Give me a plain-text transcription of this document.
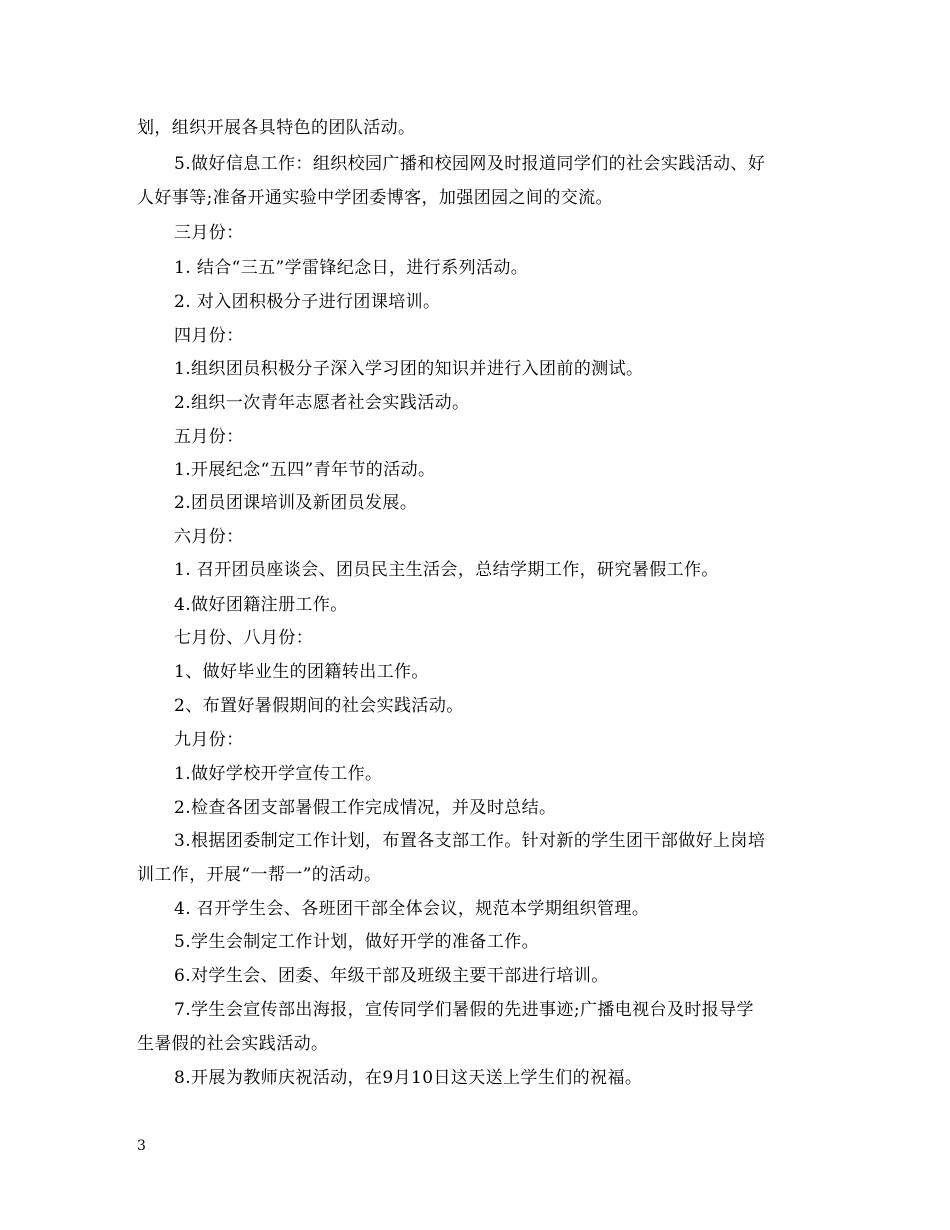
划，组织开展各具特色的团队活动。
5.做好信息工作：组织校园广播和校园网及时报道同学们的社会实践活动、好
人好事等;准备开通实验中学团委博客，加强团园之间的交流。
三月份：
1. 结合“三五”学雷锋纪念日，进行系列活动。
2. 对入团积极分子进行团课培训。
四月份：
1.组织团员积极分子深入学习团的知识并进行入团前的测试。
2.组织一次青年志愿者社会实践活动。
五月份：
1.开展纪念“五四”青年节的活动。
2.团员团课培训及新团员发展。
六月份：
1. 召开团员座谈会、团员民主生活会，总结学期工作，研究暑假工作。
4.做好团籍注册工作。
七月份、八月份：
1、做好毕业生的团籍转出工作。
2、布置好暑假期间的社会实践活动。
九月份：
1.做好学校开学宣传工作。
2.检查各团支部暑假工作完成情况，并及时总结。
3.根据团委制定工作计划，布置各支部工作。针对新的学生团干部做好上岗培
训工作，开展“一帮一”的活动。
4. 召开学生会、各班团干部全体会议，规范本学期组织管理。
5.学生会制定工作计划，做好开学的准备工作。
6.对学生会、团委、年级干部及班级主要干部进行培训。
7.学生会宣传部出海报，宣传同学们暑假的先进事迹;广播电视台及时报导学
生暑假的社会实践活动。
8.开展为教师庆祝活动，在9月10日这天送上学生们的祝福。
3
